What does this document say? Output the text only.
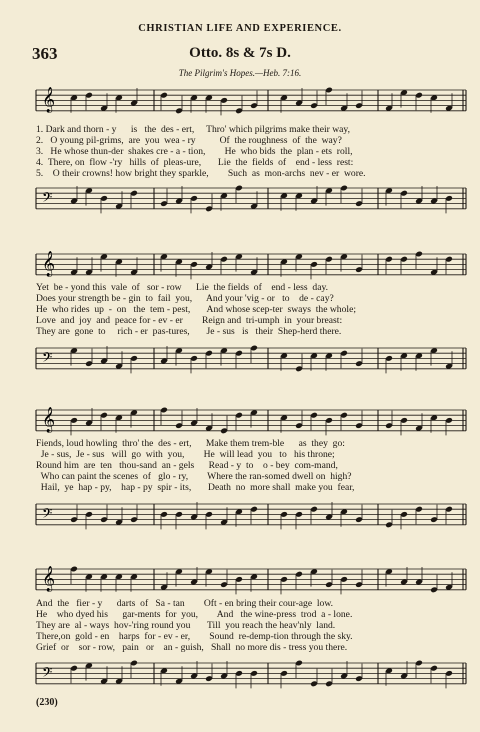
CHRISTIAN LIFE AND EXPERIENCE.
363	Otto. 8s & 7s D.
The Pilgrim's Hopes.—Heb. 7:16.
𝄞
1. Dark and thorn - y      is   the  des - ert,     Thro' which pilgrims make their way,
2.   O young pil-grims,  are  you  wea - ry          Of  the roughness  of  the  way?
3.   He whose thun-der  shakes cre - a - tion,        He  who bids  the  plan - ets  roll,
4.  There, on  flow -'ry   hills  of  pleas-ure,       Lie  the  fields  of    end - less  rest:
5.    O their crowns! how bright they sparkle,        Such  as  mon-archs  nev - er  wore.
𝄢
𝄞
Yet  be - yond this  vale  of   sor - row      Lie  the fields  of    end - less  day.
Does your strength be - gin  to  fail  you,      And your 'vig - or   to    de - cay?
He  who rides  up  -  on   the  tem - pest,       And whose scep-ter  sways  the whole;
Love  and  joy  and  peace for - ev - er        Reign and  tri-umph  in  your breast:
They are  gone  to     rich - er  pas-tures,       Je - sus   is   their  Shep-herd there.
𝄢
𝄞
Fiends, loud howling  thro' the  des - ert,      Make them trem-ble      as  they  go:
Je - sus,  Je - sus   will  go  with  you,        He  will lead  you   to   his throne;
Round him  are  ten   thou-sand  an - gels      Read - y  to    o - bey  com-mand,
Who can paint the scenes  of   glo - ry,        Where the ran-somed dwell on  high?
Hail,  ye  hap - py,    hap - py  spir - its,       Death  no  more shall  make you  fear,
𝄢
𝄞
And  the   fier - y      darts  of   Sa - tan        Oft - en bring their cour-age  low.
He    who dyed his      gar-ments  for  you,        And   the wine-press  trod  a - lone.
They are  al - ways  hov-'ring round you       Till  you reach the heav'nly  land.
There,on  gold - en    harps  for - ev - er,        Sound  re-demp-tion through the sky.
Grief  or    sor - row,   pain   or    an - guish,   Shall  no more dis - tress you there.
𝄢
(230)
